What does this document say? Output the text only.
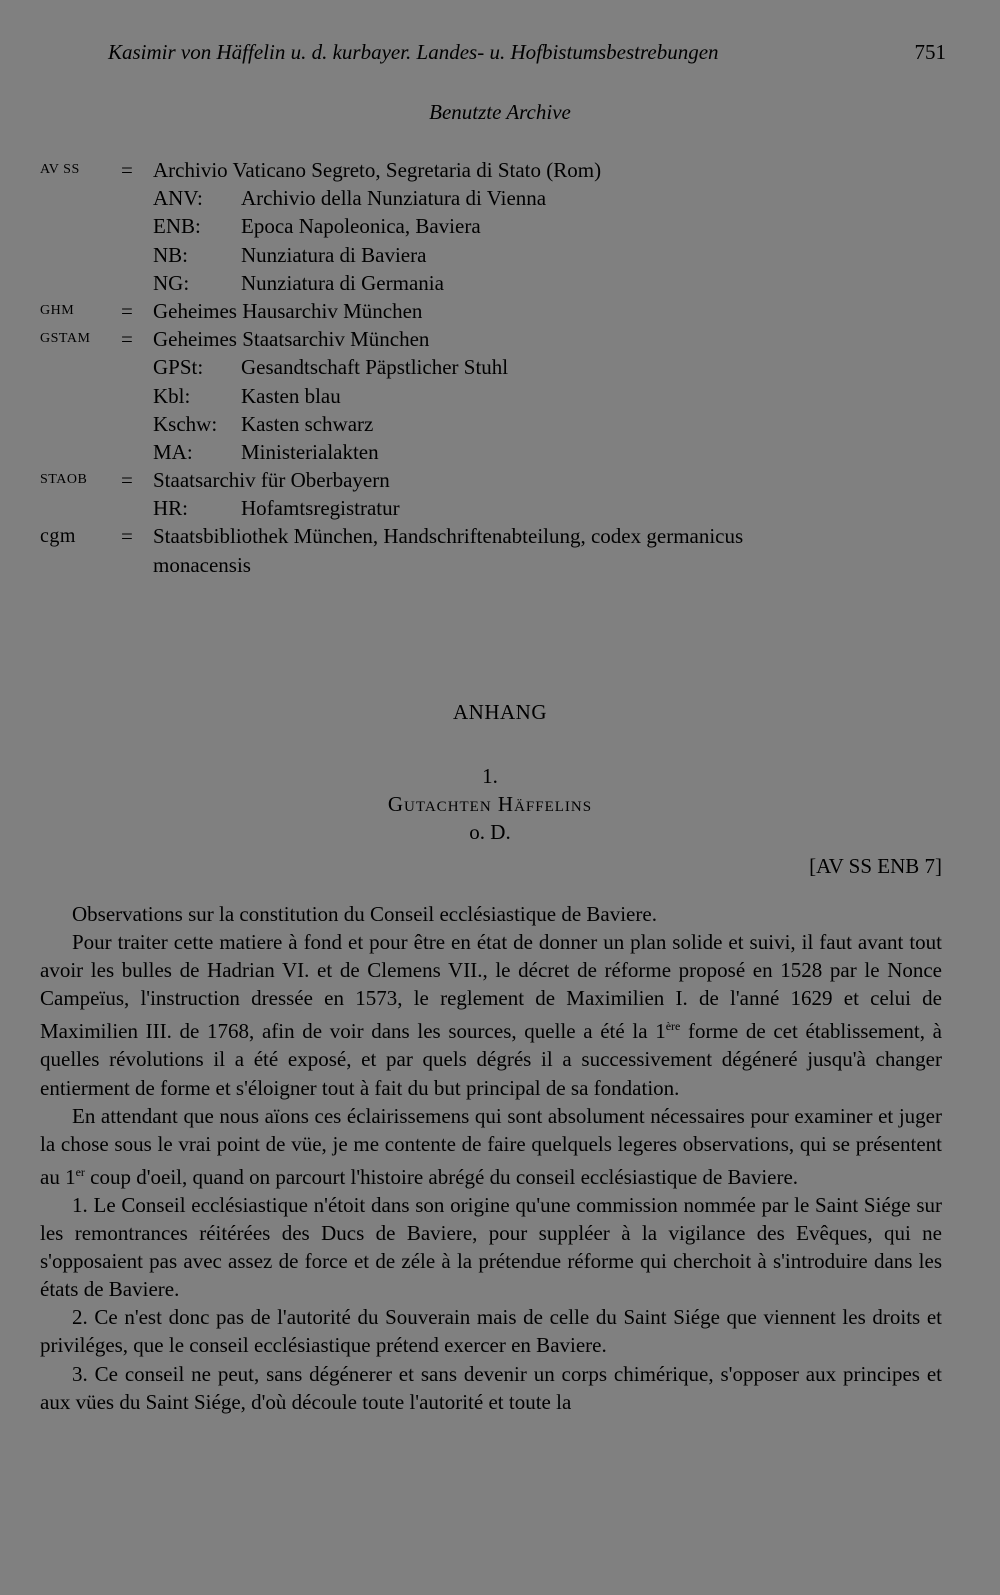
Kasimir von Häffelin u. d. kurbayer. Landes- u. Hofbistumsbestrebungen	751
Benutzte Archive
AV SS = Archivio Vaticano Segreto, Segretaria di Stato (Rom)
ANV: Archivio della Nunziatura di Vienna
ENB: Epoca Napoleonica, Baviera
NB:	Nunziatura di Baviera
NG: Nunziatura di Germania
GHM = Geheimes Hausarchiv München
GSTAM = Geheimes Staatsarchiv München
GPSt: Gesandtschaft Päpstlicher Stuhl
Kbl: Kasten blau
Kschw: Kasten schwarz
MA: Ministerialakten
STAOB = Staatsarchiv für Oberbayern
HR:	Hofamtsregistratur
cgm = Staatsbibliothek München, Handschriftenabteilung, codex germanicus
monacensis
ANHANG
1.
Gutachten Häffelins
o. D.
[AV SS ENB 7]

Observations sur la constitution du Conseil ecclésiastique de Baviere.

Pour traiter cette matiere à fond et pour être en état de donner un plan solide et suivi, il faut avant tout avoir les bulles de Hadrian VI. et de Clemens VII., le décret de réforme proposé en 1528 par le Nonce Campeïus, l'instruction dressée en 1573, le reglement de Maximilien I. de l'anné 1629 et celui de Maximilien III. de 1768, afin de voir dans les sources, quelle a été la 1ère forme de cet établissement, à quelles révolutions il a été exposé, et par quels dégrés il a successivement dégéneré jusqu'à changer entierment de forme et s'éloigner tout à fait du but principal de sa fondation.

En attendant que nous aïons ces éclairissemens qui sont absolument nécessaires pour examiner et juger la chose sous le vrai point de vüe, je me contente de faire quelquels legeres observations, qui se présentent au 1er coup d'oeil, quand on parcourt l'histoire abrégé du conseil ecclésiastique de Baviere.

1. Le Conseil ecclésiastique n'étoit dans son origine qu'une commission nommée par le Saint Siége sur les remontrances réitérées des Ducs de Baviere, pour suppléer à la vigilance des Evêques, qui ne s'opposaient pas avec assez de force et de zéle à la prétendue réforme qui cherchoit à s'introduire dans les états de Baviere.

2. Ce n'est donc pas de l'autorité du Souverain mais de celle du Saint Siége que viennent les droits et priviléges, que le conseil ecclésiastique prétend exercer en Baviere.

3. Ce conseil ne peut, sans dégénerer et sans devenir un corps chimérique, s'opposer aux principes et aux vües du Saint Siége, d'où découle toute l'autorité et toute la
